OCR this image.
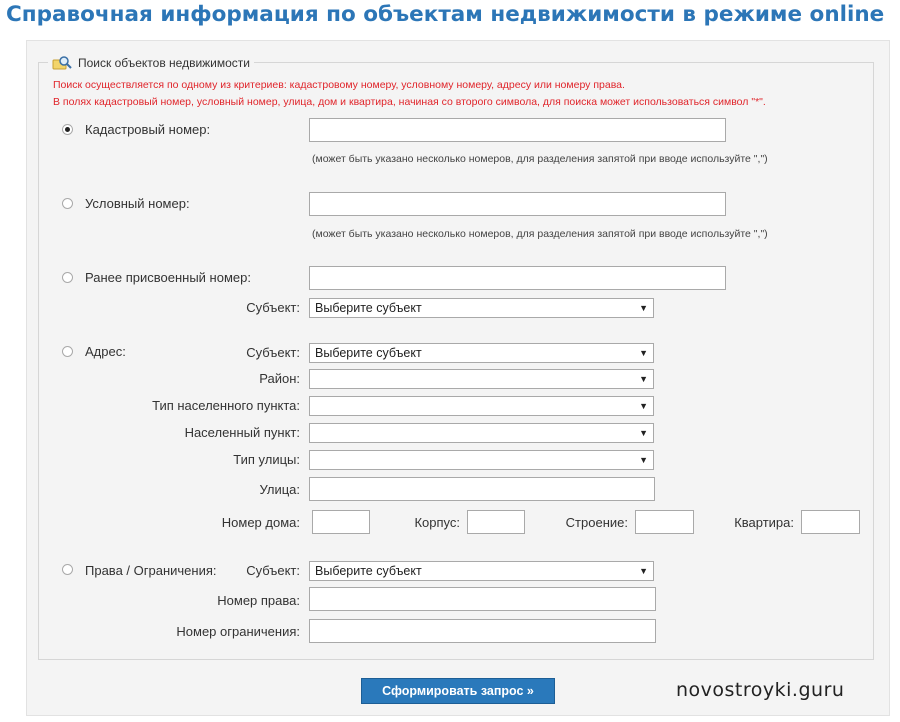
Справочная информация по объектам недвижимости в режиме online
Поиск объектов недвижимости
Поиск осуществляется по одному из критериев: кадастровому номеру, условному номеру, адресу или номеру права.
В полях кадастровый номер, условный номер, улица, дом и квартира, начиная со второго символа, для поиска может использоваться символ "*".
Кадастровый номер:
(может быть указано несколько номеров, для разделения запятой при вводе используйте ",")
Условный номер:
(может быть указано несколько номеров, для разделения запятой при вводе используйте ",")
Ранее присвоенный номер:
Субъект:	Выберите субъект	▼
Адрес:	Субъект:	Выберите субъект	▼
Район:	▼
Тип населенного пункта:	▼
Населенный пункт:	▼
Тип улицы:	▼
Улица:
Номер дома:	Корпус:	Строение:	Квартира:
Права / Ограничения:	Субъект:	Выберите субъект	▼
Номер права:
Номер ограничения:
Сформировать запрос »	novostroyki.guru
